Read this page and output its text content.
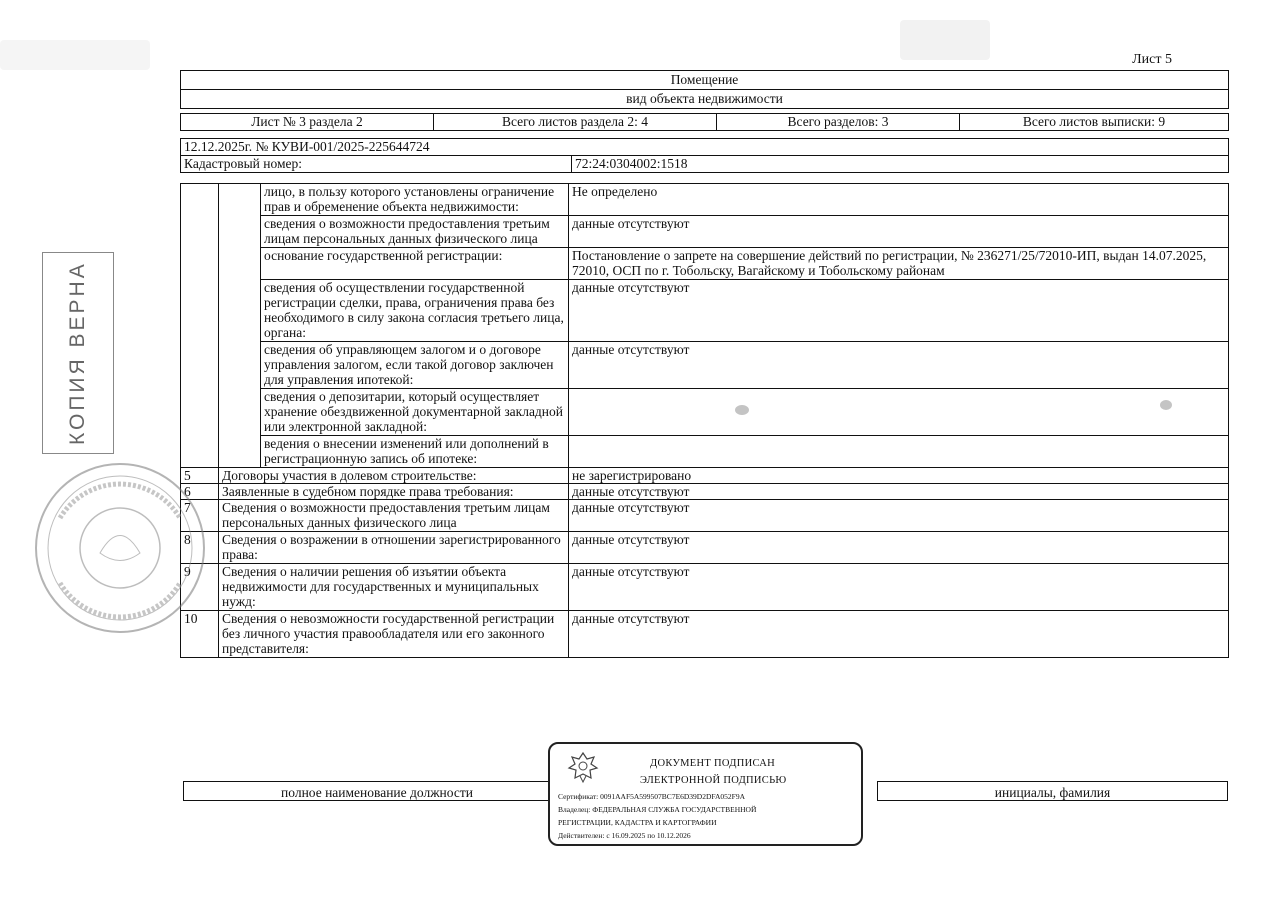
Лист 5
Помещение
вид объекта недвижимости
Лист № 3 раздела 2	Всего листов раздела 2: 4	Всего разделов: 3	Всего листов выписки: 9
12.12.2025г. № КУВИ-001/2025-225644724
Кадастровый номер:	72:24:0304002:1518
		лицо, в пользу которого установлены ограничение прав и обременение объекта недвижимости:	Не определено
		сведения о возможности предоставления третьим лицам персональных данных физического лица	данные отсутствуют
		основание государственной регистрации:	Постановление о запрете на совершение действий по регистрации, № 236271/25/72010-ИП, выдан 14.07.2025, 72010, ОСП по г. Тобольску, Вагайскому и Тобольскому районам
		сведения об осуществлении государственной регистрации сделки, права, ограничения права без необходимого в силу закона согласия третьего лица, органа:	данные отсутствуют
		сведения об управляющем залогом и о договоре управления залогом, если такой договор заключен для управления ипотекой:	данные отсутствуют
		сведения о депозитарии, который осуществляет хранение обездвиженной документарной закладной или электронной закладной:	
		ведения о внесении изменений или дополнений в регистрационную запись об ипотеке:	
5	Договоры участия в долевом строительстве:		не зарегистрировано
6	Заявленные в судебном порядке права требования:		данные отсутствуют
7	Сведения о возможности предоставления третьим лицам персональных данных физического лица		данные отсутствуют
8	Сведения о возражении в отношении зарегистрированного права:		данные отсутствуют
9	Сведения о наличии решения об изъятии объекта недвижимости для государственных и муниципальных нужд:		данные отсутствуют
10	Сведения о невозможности государственной регистрации без личного участия правообладателя или его законного представителя:		данные отсутствуют
полное наименование должности		инициалы, фамилия
ДОКУМЕНТ ПОДПИСАН
ЭЛЕКТРОННОЙ ПОДПИСЬЮ
Сертификат: 0091AAF5A599507BC7E6D39D2DFA052F9A
Владелец: ФЕДЕРАЛЬНАЯ СЛУЖБА ГОСУДАРСТВЕННОЙ
РЕГИСТРАЦИИ, КАДАСТРА И КАРТОГРАФИИ
Действителен: с 16.09.2025 по 10.12.2026
КОПИЯ ВЕРНА
